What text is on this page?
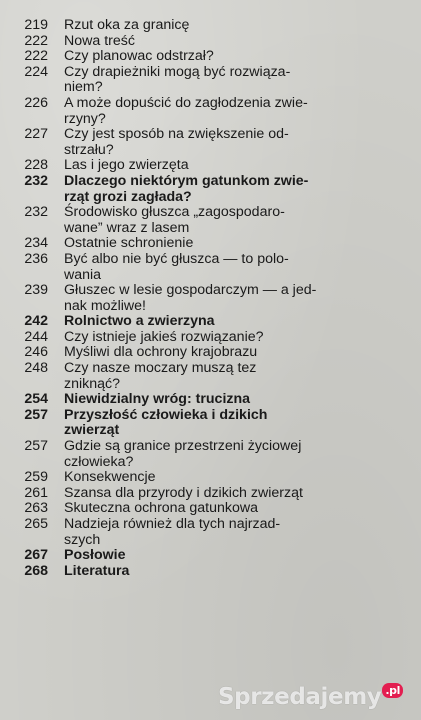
219 Rzut oka za granicę
222 Nowa treść
222 Czy planowac odstrzał?
224 Czy drapieżniki mogą być rozwiąza-
niem?
226 A może dopuścić do zagłodzenia zwie-
rzyny?
227 Czy jest sposób na zwiększenie od-
strzału?
228 Las i jego zwierzęta
232 Dlaczego niektórym gatunkom zwie-
rząt grozi zagłada?
232 Środowisko głuszca „zagospodaro-
wane” wraz z lasem
234 Ostatnie schronienie
236 Być albo nie być głuszca — to polo-
wania
239 Głuszec w lesie gospodarczym — a jed-
nak możliwe!
242 Rolnictwo a zwierzyna
244 Czy istnieje jakieś rozwiązanie?
246 Myśliwi dla ochrony krajobrazu
248 Czy nasze moczary muszą tez
zniknąć?
254 Niewidzialny wróg: trucizna
257 Przyszłość człowieka i dzikich
zwierząt
257 Gdzie są granice przestrzeni życiowej
człowieka?
259 Konsekwencje
261 Szansa dla przyrody i dzikich zwierząt
263 Skuteczna ochrona gatunkowa
265 Nadzieja również dla tych najrzad-
szych
267 Posłowie
268 Literatura
Sprzedajemy .pl
